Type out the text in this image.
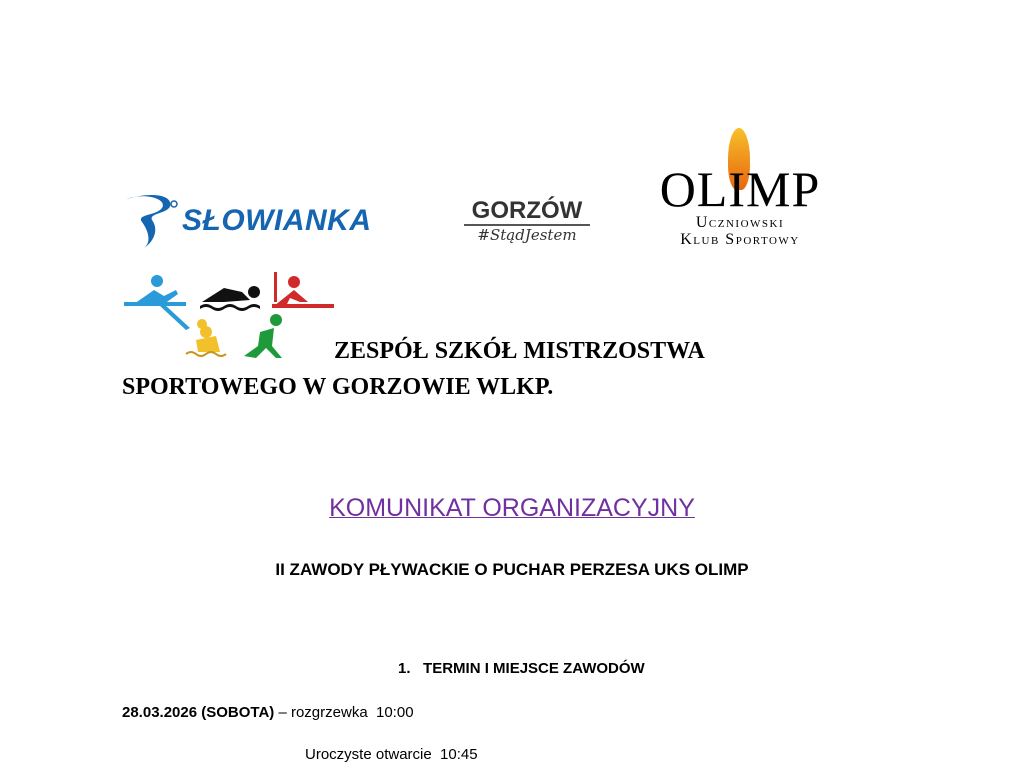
SŁOWIANKA	GORZÓW
#StądJestem
OLIMP
Uczniowski
Klub Sportowy
ZESPÓŁ SZKÓŁ MISTRZOSTWA
SPORTOWEGO W GORZOWIE WLKP.
KOMUNIKAT ORGANIZACYJNY
II ZAWODY PŁYWACKIE O PUCHAR PERZESA UKS OLIMP
1. TERMIN I MIEJSCE ZAWODÓW
28.03.2026 (SOBOTA) – rozgrzewka  10:00
Uroczyste otwarcie  10:45
